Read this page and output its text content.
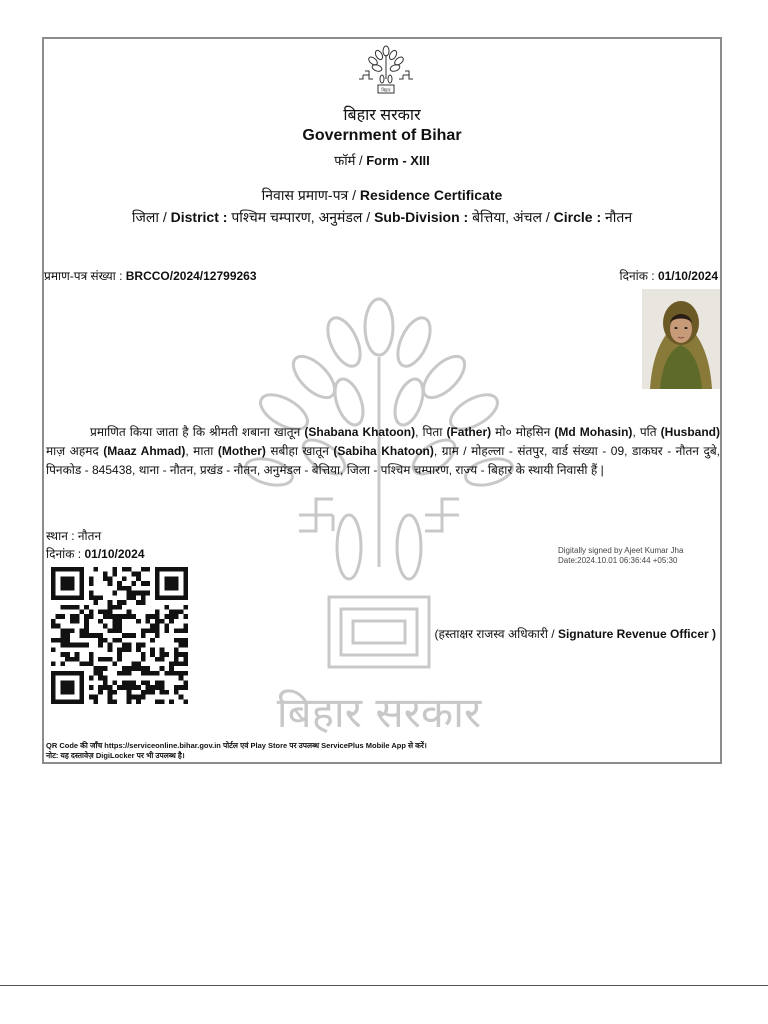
बिहार
बिहार सरकार
Government of Bihar
फॉर्म / Form - XIII
निवास प्रमाण-पत्र / Residence Certificate
जिला / District : पश्चिम चम्पारण, अनुमंडल / Sub-Division : बेत्तिया, अंचल / Circle : नौतन
प्रमाण-पत्र संख्या : BRCCO/2024/12799263	दिनांक : 01/10/2024
बिहार सरकार
प्रमाणित किया जाता है कि श्रीमती शबाना खातून (Shabana Khatoon), पिता (Father) मो० मोहसिन (Md Mohasin), पति (Husband) माज़ अहमद (Maaz Ahmad), माता (Mother) सबीहा खातून (Sabiha Khatoon), ग्राम / मोहल्ला - संतपुर, वार्ड संख्या - 09, डाकघर - नौतन दुबे, पिनकोड - 845438, थाना - नौतन, प्रखंड - नौतन, अनुमंडल - बेत्तिया, जिला - पश्चिम चम्पारण, राज्य - बिहार के स्थायी निवासी हैं |
स्थान : नौतन
दिनांक : 01/10/2024	Digitally signed by Ajeet Kumar Jha
Date:2024.10.01 06:36:44 +05:30
(हस्ताक्षर राजस्व अधिकारी / Signature Revenue Officer )
QR Code की जाँच https://serviceonline.bihar.gov.in पोर्टल एवं Play Store पर उपलब्ध ServicePlus Mobile App से करें।
नोट: यह दस्तावेज़ DigiLocker पर भी उपलब्ध है।
